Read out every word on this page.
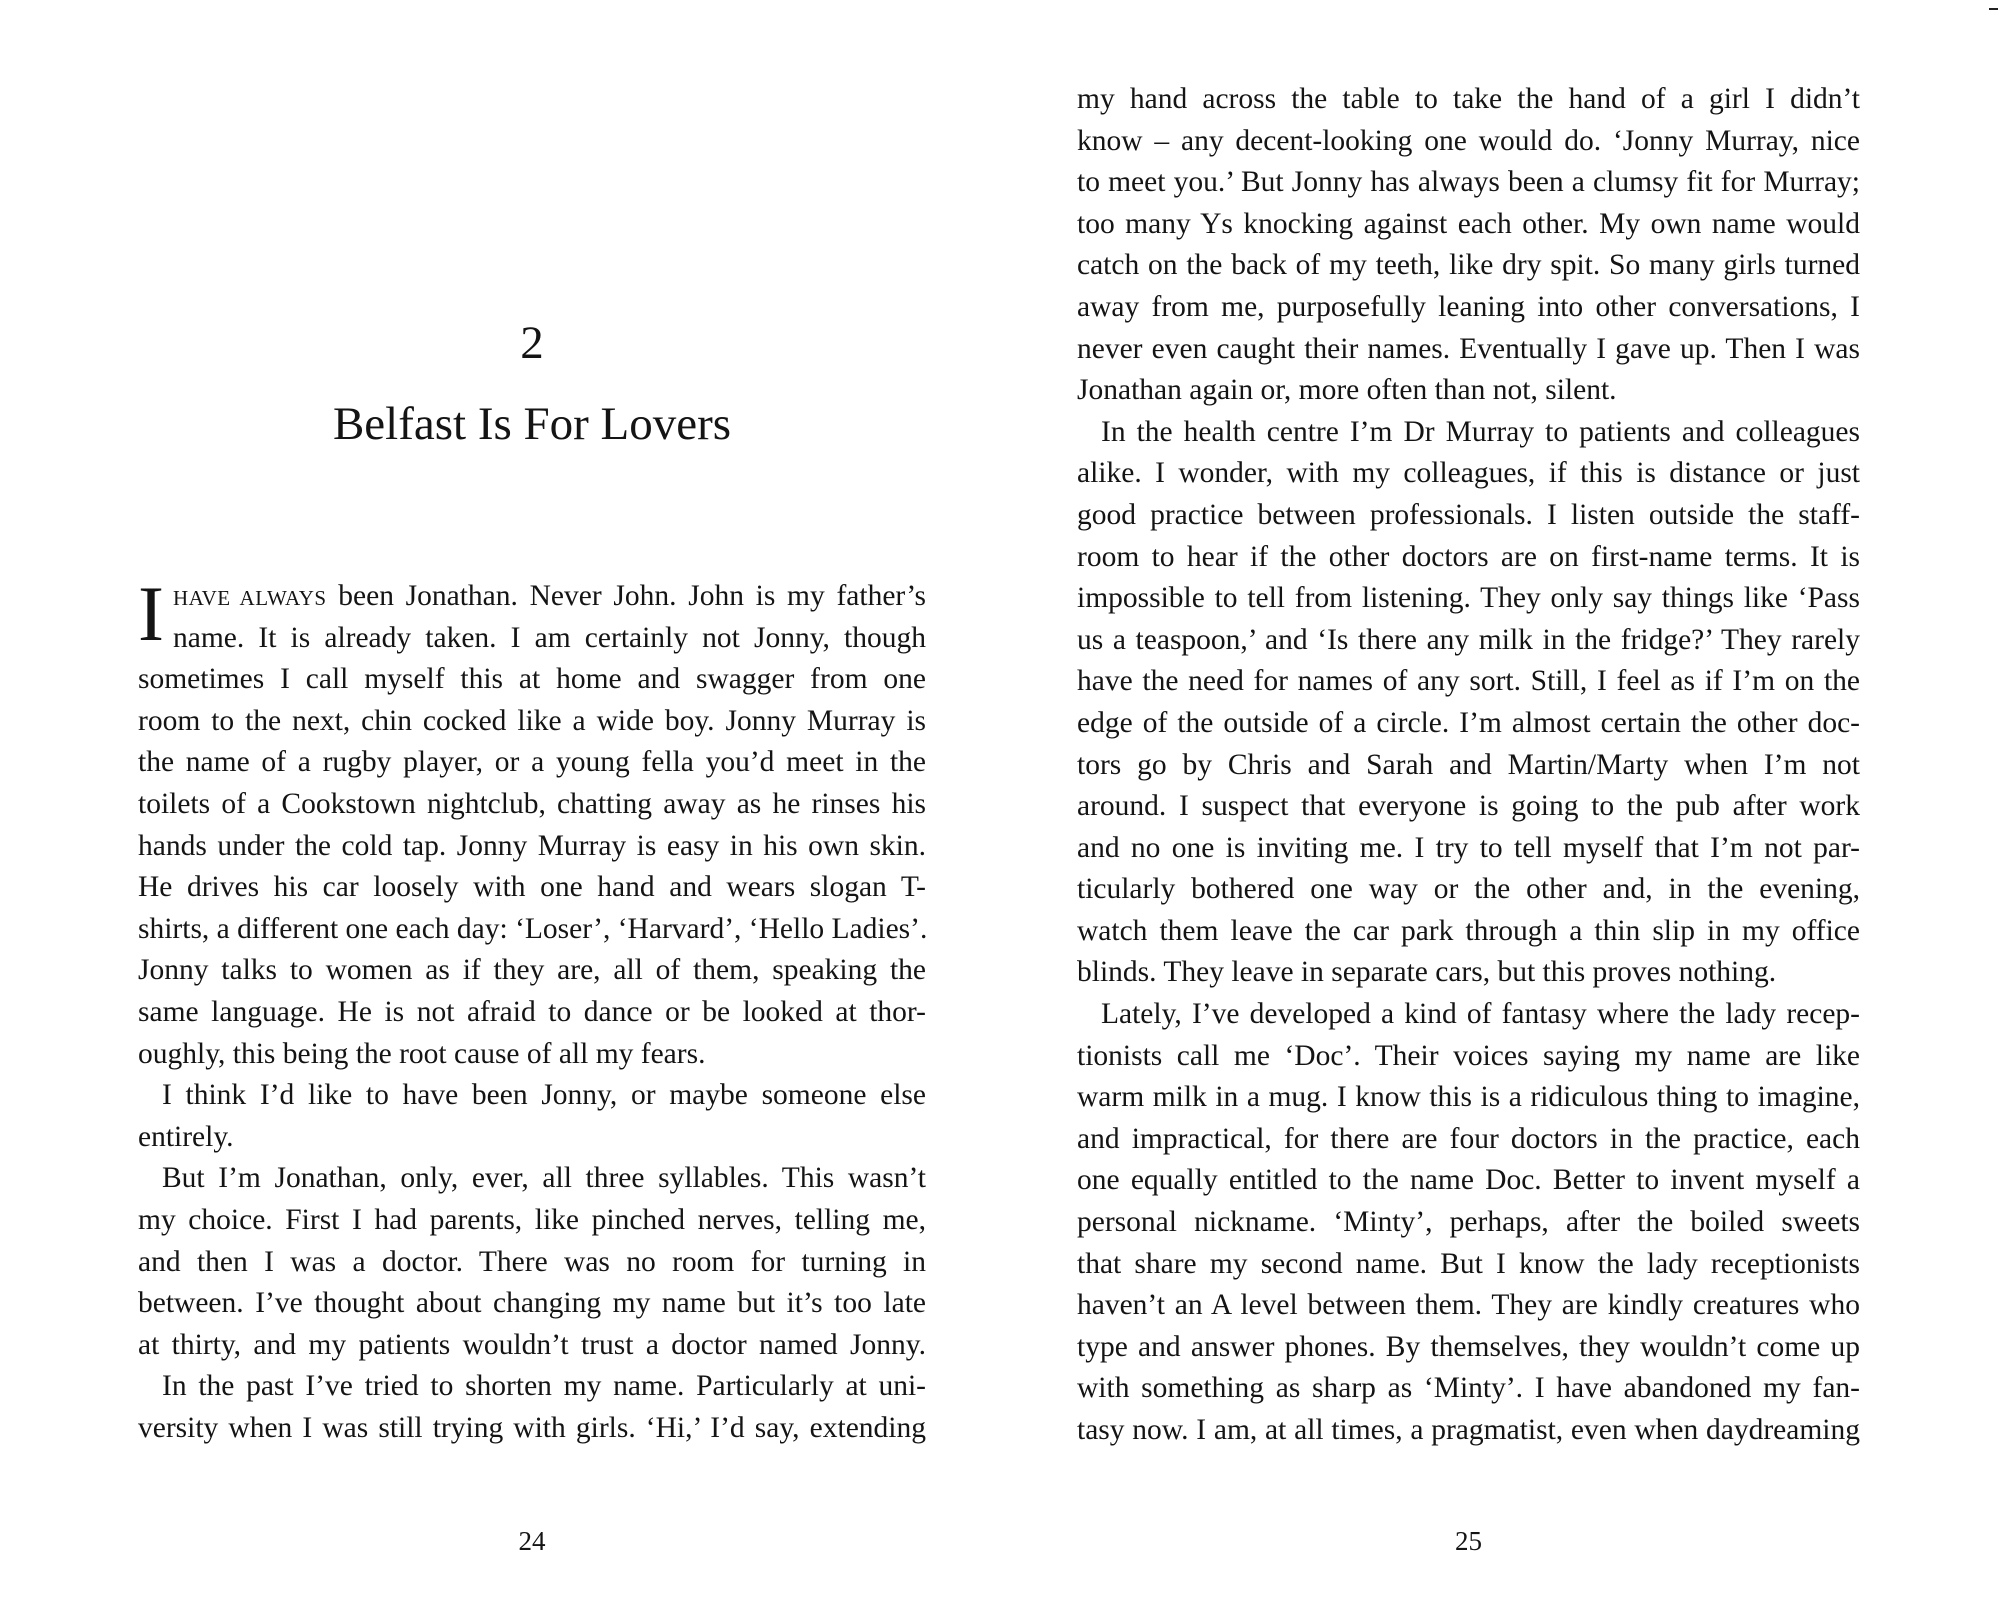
2
Belfast Is For Lovers
I HAVE ALWAYS been Jonathan. Never John. John is my father’s
name. It is already taken. I am certainly not Jonny, though
sometimes I call myself this at home and swagger from one
room to the next, chin cocked like a wide boy. Jonny Murray is
the name of a rugby player, or a young fella you’d meet in the
toilets of a Cookstown nightclub, chatting away as he rinses his
hands under the cold tap. Jonny Murray is easy in his own skin.
He drives his car loosely with one hand and wears slogan T-
shirts, a different one each day: ‘Loser’, ‘Harvard’, ‘Hello Ladies’.
Jonny talks to women as if they are, all of them, speaking the
same language. He is not afraid to dance or be looked at thor-
oughly, this being the root cause of all my fears.
I think I’d like to have been Jonny, or maybe someone else
entirely.
But I’m Jonathan, only, ever, all three syllables. This wasn’t
my choice. First I had parents, like pinched nerves, telling me,
and then I was a doctor. There was no room for turning in
between. I’ve thought about changing my name but it’s too late
at thirty, and my patients wouldn’t trust a doctor named Jonny.
In the past I’ve tried to shorten my name. Particularly at uni-
versity when I was still trying with girls. ‘Hi,’ I’d say, extending
24
my hand across the table to take the hand of a girl I didn’t
know – any decent-looking one would do. ‘Jonny Murray, nice
to meet you.’ But Jonny has always been a clumsy fit for Murray;
too many Ys knocking against each other. My own name would
catch on the back of my teeth, like dry spit. So many girls turned
away from me, purposefully leaning into other conversations, I
never even caught their names. Eventually I gave up. Then I was
Jonathan again or, more often than not, silent.
In the health centre I’m Dr Murray to patients and colleagues
alike. I wonder, with my colleagues, if this is distance or just
good practice between professionals. I listen outside the staff-
room to hear if the other doctors are on first-name terms. It is
impossible to tell from listening. They only say things like ‘Pass
us a teaspoon,’ and ‘Is there any milk in the fridge?’ They rarely
have the need for names of any sort. Still, I feel as if I’m on the
edge of the outside of a circle. I’m almost certain the other doc-
tors go by Chris and Sarah and Martin/Marty when I’m not
around. I suspect that everyone is going to the pub after work
and no one is inviting me. I try to tell myself that I’m not par-
ticularly bothered one way or the other and, in the evening,
watch them leave the car park through a thin slip in my office
blinds. They leave in separate cars, but this proves nothing.
Lately, I’ve developed a kind of fantasy where the lady recep-
tionists call me ‘Doc’. Their voices saying my name are like
warm milk in a mug. I know this is a ridiculous thing to imagine,
and impractical, for there are four doctors in the practice, each
one equally entitled to the name Doc. Better to invent myself a
personal nickname. ‘Minty’, perhaps, after the boiled sweets
that share my second name. But I know the lady receptionists
haven’t an A level between them. They are kindly creatures who
type and answer phones. By themselves, they wouldn’t come up
with something as sharp as ‘Minty’. I have abandoned my fan-
tasy now. I am, at all times, a pragmatist, even when daydreaming
25
